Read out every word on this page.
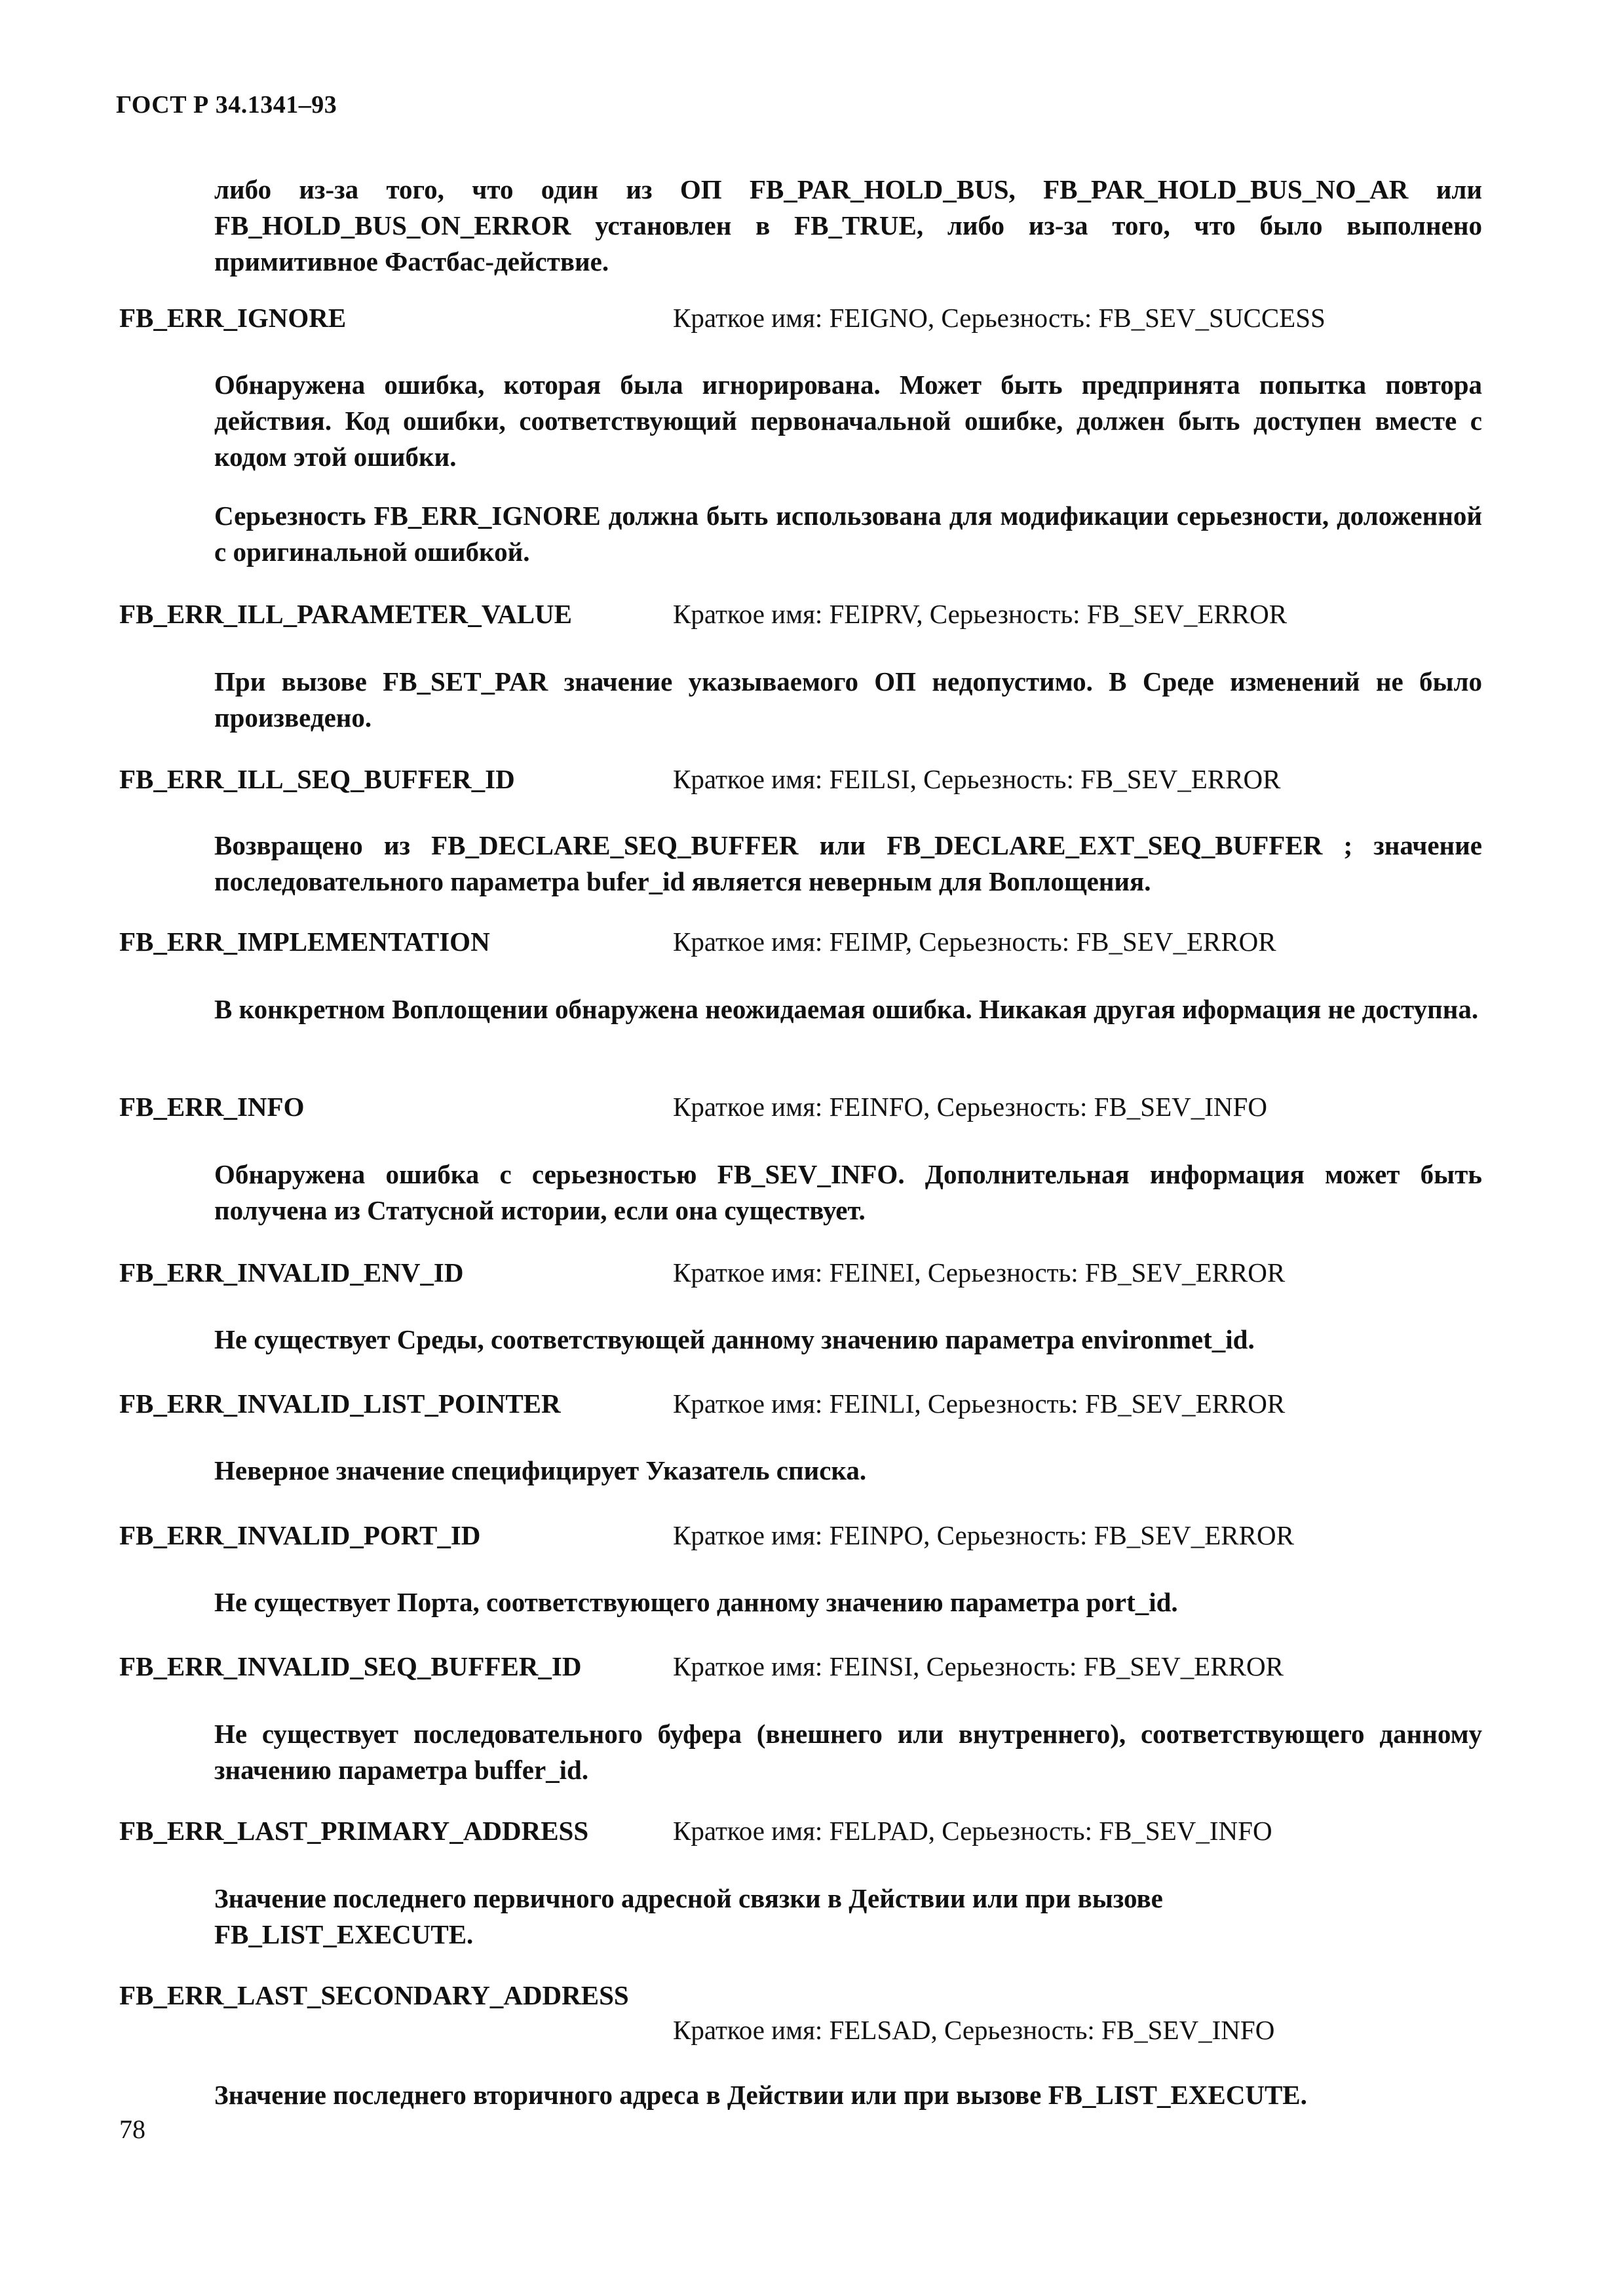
ГОСТ Р 34.1341–93

либо из-за того, что один из ОП FB_PAR_HOLD_BUS, FB_PAR_HOLD_BUS_NO_AR или FB_HOLD_BUS_ON_ERROR установлен в FB_TRUE, либо из-за того, что было выполнено примитивное Фастбас-действие.

FB_ERR_IGNORE	Краткое имя: FEIGNO, Серьезность: FB_SEV_SUCCESS

Обнаружена ошибка, которая была игнорирована. Может быть предпринята попытка повтора действия. Код ошибки, соответствующий первоначальной ошибке, должен быть доступен вместе с кодом этой ошибки.

Серьезность FB_ERR_IGNORE должна быть использована для модификации серьезности, доложенной с оригинальной ошибкой.

FB_ERR_ILL_PARAMETER_VALUE	Краткое имя: FEIPRV, Серьезность: FB_SEV_ERROR

При вызове FB_SET_PAR значение указываемого ОП недопустимо. В Среде изменений не было произведено.

FB_ERR_ILL_SEQ_BUFFER_ID	Краткое имя: FEILSI, Серьезность: FB_SEV_ERROR

Возвращено из FB_DECLARE_SEQ_BUFFER или FB_DECLARE_EXT_SEQ_BUFFER ; значение последовательного параметра bufer_id является неверным для Воплощения.

FB_ERR_IMPLEMENTATION	Краткое имя: FEIMP, Серьезность: FB_SEV_ERROR

В конкретном Воплощении обнаружена неожидаемая ошибка. Никакая другая иформация не доступна.

FB_ERR_INFO	Краткое имя: FEINFO, Серьезность: FB_SEV_INFO

Обнаружена ошибка с серьезностью FB_SEV_INFO. Дополнительная информация может быть получена из Статусной истории, если она существует.

FB_ERR_INVALID_ENV_ID	Краткое имя: FEINEI, Серьезность: FB_SEV_ERROR

Не существует Среды, соответствующей данному значению параметра environmet_id.

FB_ERR_INVALID_LIST_POINTER	Краткое имя: FEINLI, Серьезность: FB_SEV_ERROR

Неверное значение специфицирует Указатель списка.

FB_ERR_INVALID_PORT_ID	Краткое имя: FEINPO, Серьезность: FB_SEV_ERROR

Не существует Порта, соответствующего данному значению параметра port_id.

FB_ERR_INVALID_SEQ_BUFFER_ID	Краткое имя: FEINSI, Серьезность: FB_SEV_ERROR

Не существует последовательного буфера (внешнего или внутреннего), соответствующего данному значению параметра buffer_id.

FB_ERR_LAST_PRIMARY_ADDRESS	Краткое имя: FELPAD, Серьезность: FB_SEV_INFO

Значение последнего первичного адресной связки в Действии или при вызове FB_LIST_EXECUTE.

FB_ERR_LAST_SECONDARY_ADDRESS
Краткое имя: FELSAD, Серьезность: FB_SEV_INFO

Значение последнего вторичного адреса в Действии или при вызове FB_LIST_EXECUTE.

78
